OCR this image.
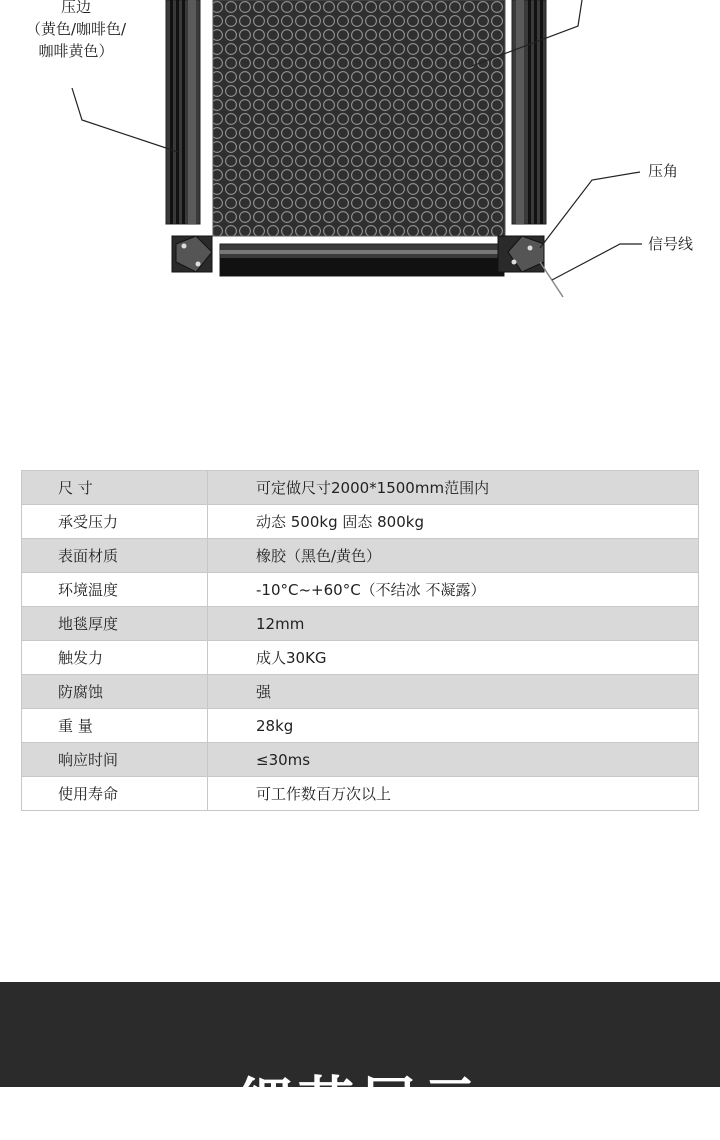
压边
（黄色/咖啡色/
咖啡黄色）
压角
信号线
尺 寸	可定做尺寸2000*1500mm范围内
承受压力	动态 500kg 固态 800kg
表面材质	橡胶（黑色/黄色）
环境温度	-10°C~+60°C（不结冰 不凝露）
地毯厚度	12mm
触发力	成人30KG
防腐蚀	强
重 量	28kg
响应时间	≤30ms
使用寿命	可工作数百万次以上
细节展示
